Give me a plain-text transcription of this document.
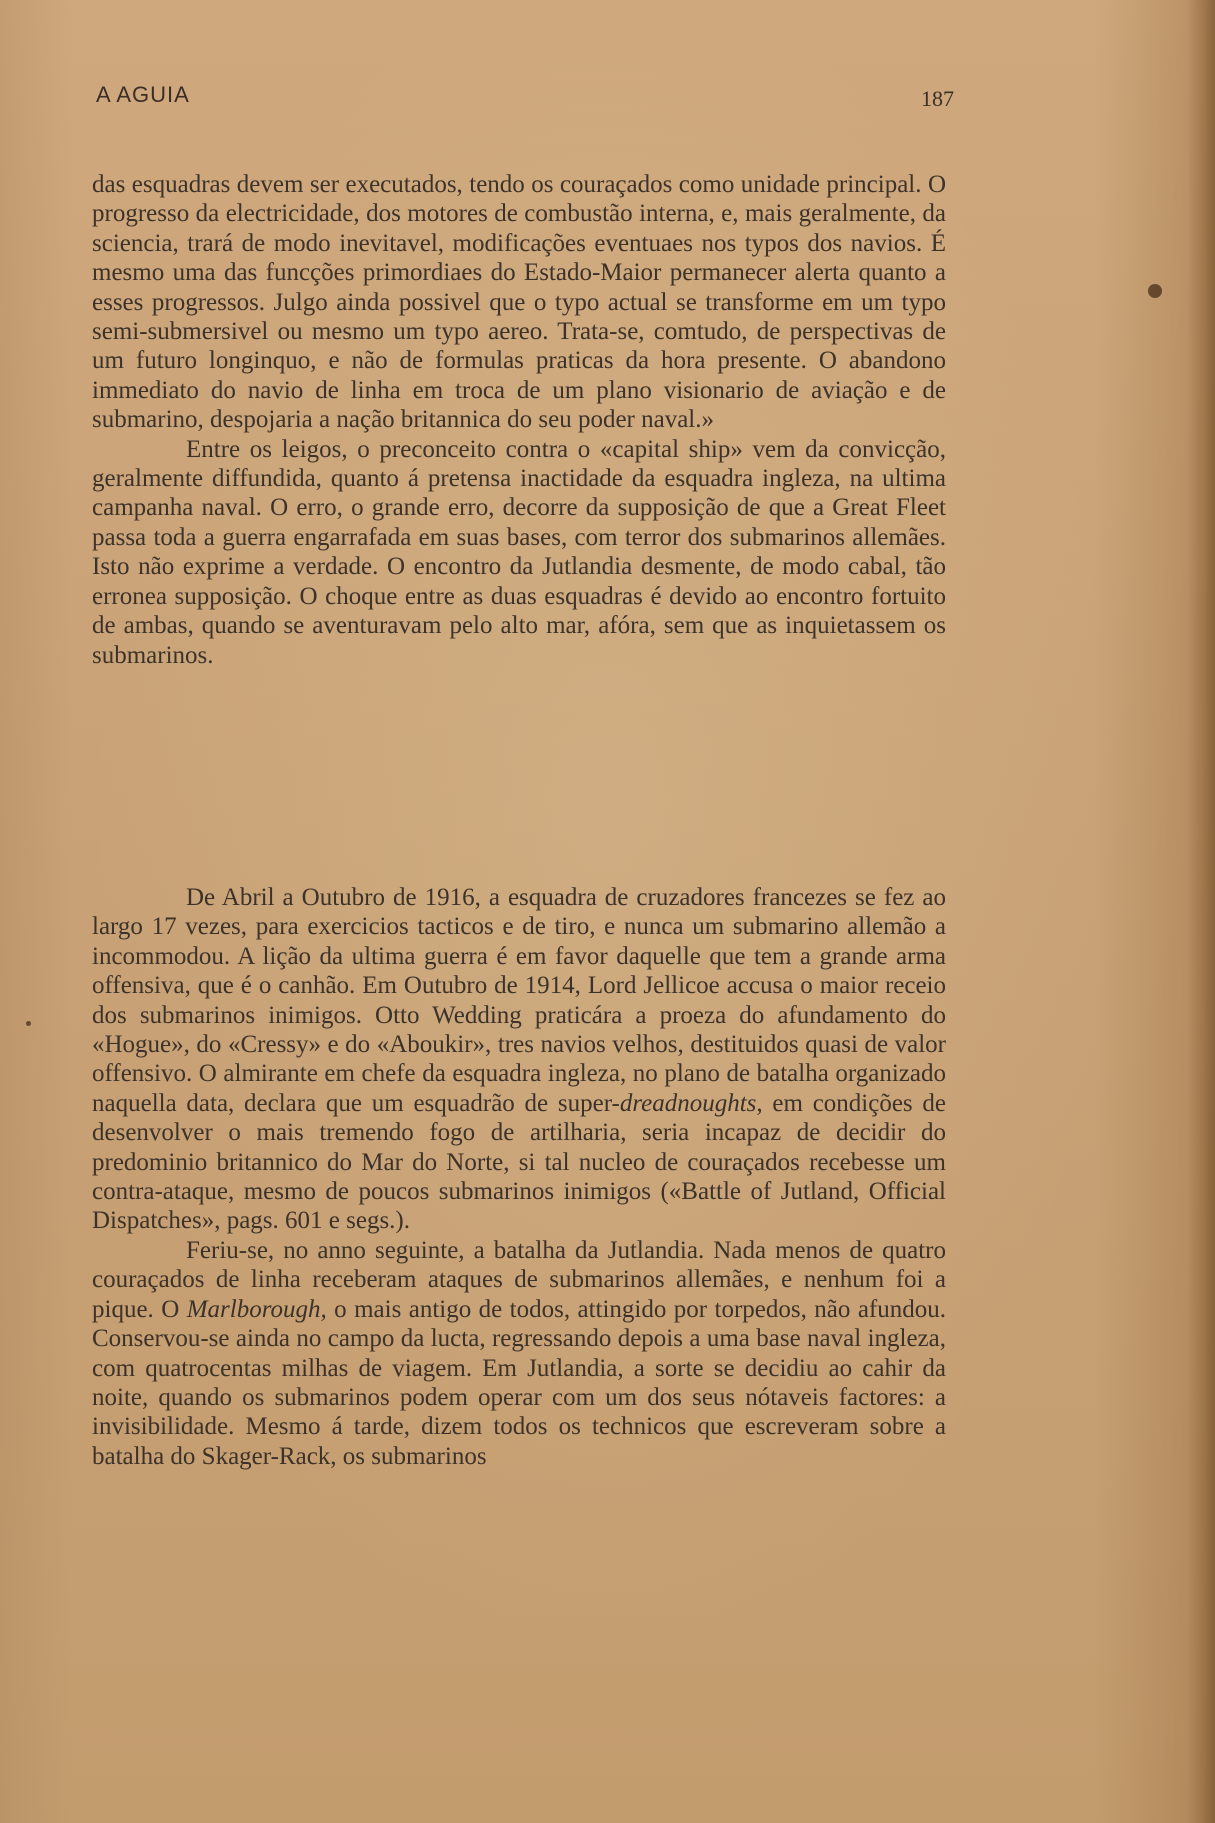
A AGUIA	187

das esquadras devem ser executados, tendo os couraçados como unidade principal. O progresso da electricidade, dos motores de combustão interna, e, mais geralmente, da sciencia, trará de modo inevitavel, modificações eventuaes nos typos dos navios. É mesmo uma das funcções primordiaes do Estado-Maior permanecer alerta quanto a esses progressos. Julgo ainda possivel que o typo actual se transforme em um typo semi-submersivel ou mesmo um typo aereo. Trata-se, comtudo, de perspectivas de um futuro longinquo, e não de formulas praticas da hora presente. O abandono immediato do navio de linha em troca de um plano visionario de aviação e de submarino, despojaria a nação britannica do seu poder naval.»

Entre os leigos, o preconceito contra o «capital ship» vem da convicção, geralmente diffundida, quanto á pretensa inactidade da esquadra ingleza, na ultima campanha naval. O erro, o grande erro, decorre da supposição de que a Great Fleet passa toda a guerra engarrafada em suas bases, com terror dos submarinos allemães. Isto não exprime a verdade. O encontro da Jutlandia desmente, de modo cabal, tão erronea supposição. O choque entre as duas esquadras é devido ao encontro fortuito de ambas, quando se aventuravam pelo alto mar, afóra, sem que as inquietassem os submarinos.

De Abril a Outubro de 1916, a esquadra de cruzadores francezes se fez ao largo 17 vezes, para exercicios tacticos e de tiro, e nunca um submarino allemão a incommodou. A lição da ultima guerra é em favor daquelle que tem a grande arma offensiva, que é o canhão. Em Outubro de 1914, Lord Jellicoe accusa o maior receio dos submarinos inimigos. Otto Wedding praticára a proeza do afundamento do «Hogue», do «Cressy» e do «Aboukir», tres navios velhos, destituidos quasi de valor offensivo. O almirante em chefe da esquadra ingleza, no plano de batalha organizado naquella data, declara que um esquadrão de super-dreadnoughts, em condições de desenvolver o mais tremendo fogo de artilharia, seria incapaz de decidir do predominio britannico do Mar do Norte, si tal nucleo de couraçados recebesse um contra-ataque, mesmo de poucos submarinos inimigos («Battle of Jutland, Official Dispatches», pags. 601 e segs.).

Feriu-se, no anno seguinte, a batalha da Jutlandia. Nada menos de quatro couraçados de linha receberam ataques de submarinos allemães, e nenhum foi a pique. O Marlborough, o mais antigo de todos, attingido por torpedos, não afundou. Conservou-se ainda no campo da lucta, regressando depois a uma base naval ingleza, com quatrocentas milhas de viagem. Em Jutlandia, a sorte se decidiu ao cahir da noite, quando os submarinos podem operar com um dos seus nótaveis factores: a invisibilidade. Mesmo á tarde, dizem todos os technicos que escreveram sobre a batalha do Skager-Rack, os submarinos
